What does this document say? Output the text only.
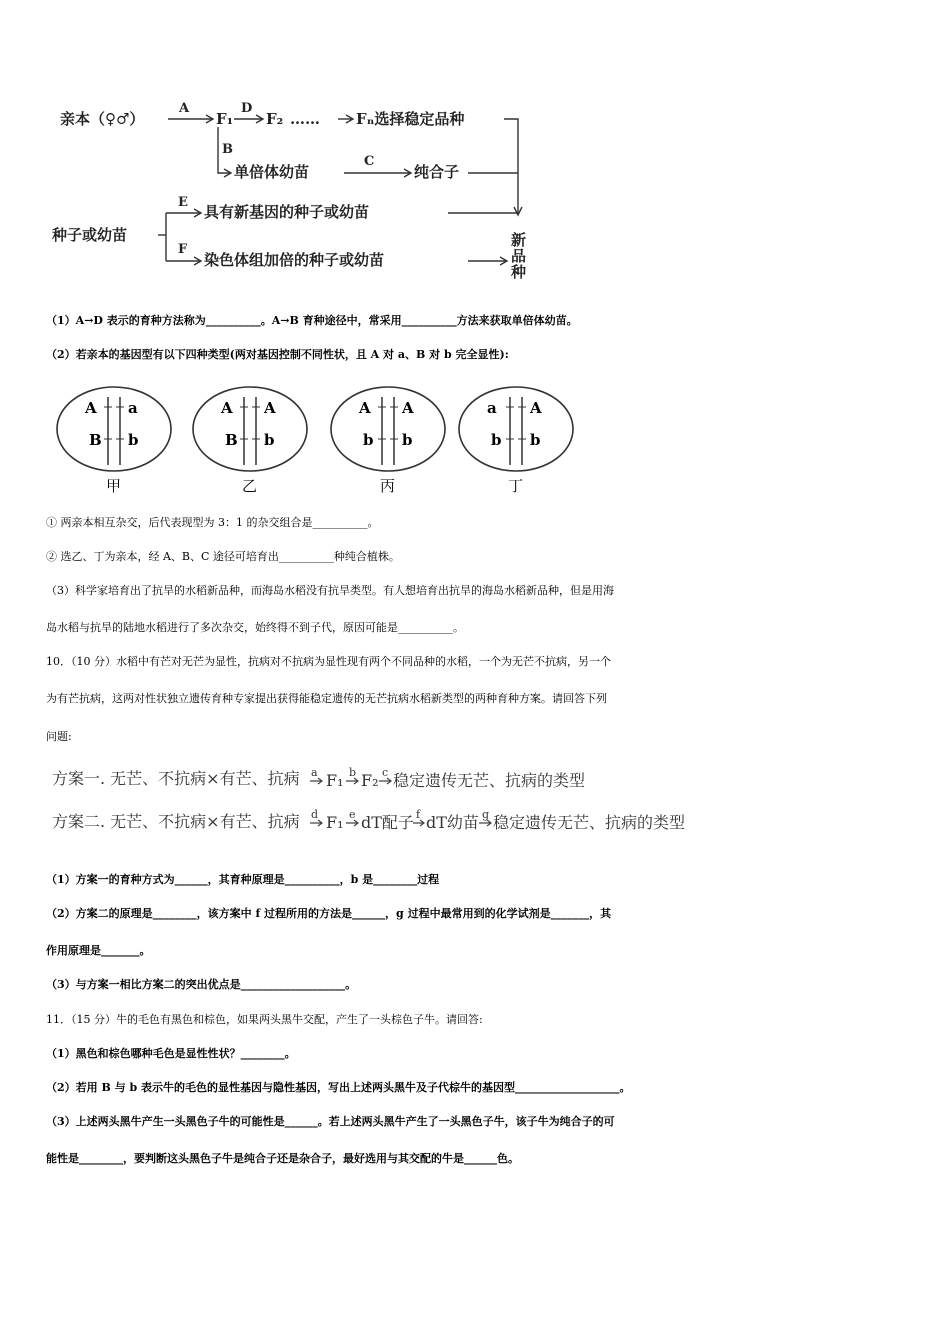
亲本（♀♂）
A
F₁
D
F₂ …… Fₙ选择稳定品种
B
单倍体幼苗
C
纯合子
种子或幼苗
E
具有新基因的种子或幼苗
F
染色体组加倍的种子或幼苗
新
品
种
（1）A→D 表示的育种方法称为__________。A→B 育种途径中，常采用__________方法来获取单倍体幼苗。
（2）若亲本的基因型有以下四种类型(两对基因控制不同性状，且 A 对 a、B 对 b 完全显性):
A a
B b
甲
A A
B b
乙
A A
b b
丙
a A
b b
丁
① 两亲本相互杂交，后代表现型为 3：1 的杂交组合是__________。
② 选乙、丁为亲本，经 A、B、C 途径可培育出__________种纯合植株。
（3）科学家培育出了抗旱的水稻新品种，而海岛水稻没有抗旱类型。有人想培育出抗旱的海岛水稻新品种，但是用海
岛水稻与抗旱的陆地水稻进行了多次杂交，始终得不到子代，原因可能是__________。
10．（10 分）水稻中有芒对无芒为显性，抗病对不抗病为显性现有两个不同品种的水稻，一个为无芒不抗病，另一个
为有芒抗病，这两对性状独立遗传育种专家提出获得能稳定遗传的无芒抗病水稻新类型的两种育种方案。请回答下列
问题:
方案一. 无芒、不抗病×有芒、抗病 a F₁ b F₂ c 稳定遗传无芒、抗病的类型
方案二. 无芒、不抗病×有芒、抗病 d F₁ e dT配子 f dT幼苗 g 稳定遗传无芒、抗病的类型
（1）方案一的育种方式为______，其育种原理是__________，b 是________过程
（2）方案二的原理是________，该方案中 f 过程所用的方法是______，g 过程中最常用到的化学试剂是_______，其
作用原理是_______。
（3）与方案一相比方案二的突出优点是___________________。
11．（15 分）牛的毛色有黑色和棕色，如果两头黑牛交配，产生了一头棕色子牛。请回答:
（1）黑色和棕色哪种毛色是显性性状？________。
（2）若用 B 与 b 表示牛的毛色的显性基因与隐性基因，写出上述两头黑牛及子代棕牛的基因型___________________。
（3）上述两头黑牛产生一头黑色子牛的可能性是______。若上述两头黑牛产生了一头黑色子牛，该子牛为纯合子的可
能性是________，要判断这头黑色子牛是纯合子还是杂合子，最好选用与其交配的牛是______色。
